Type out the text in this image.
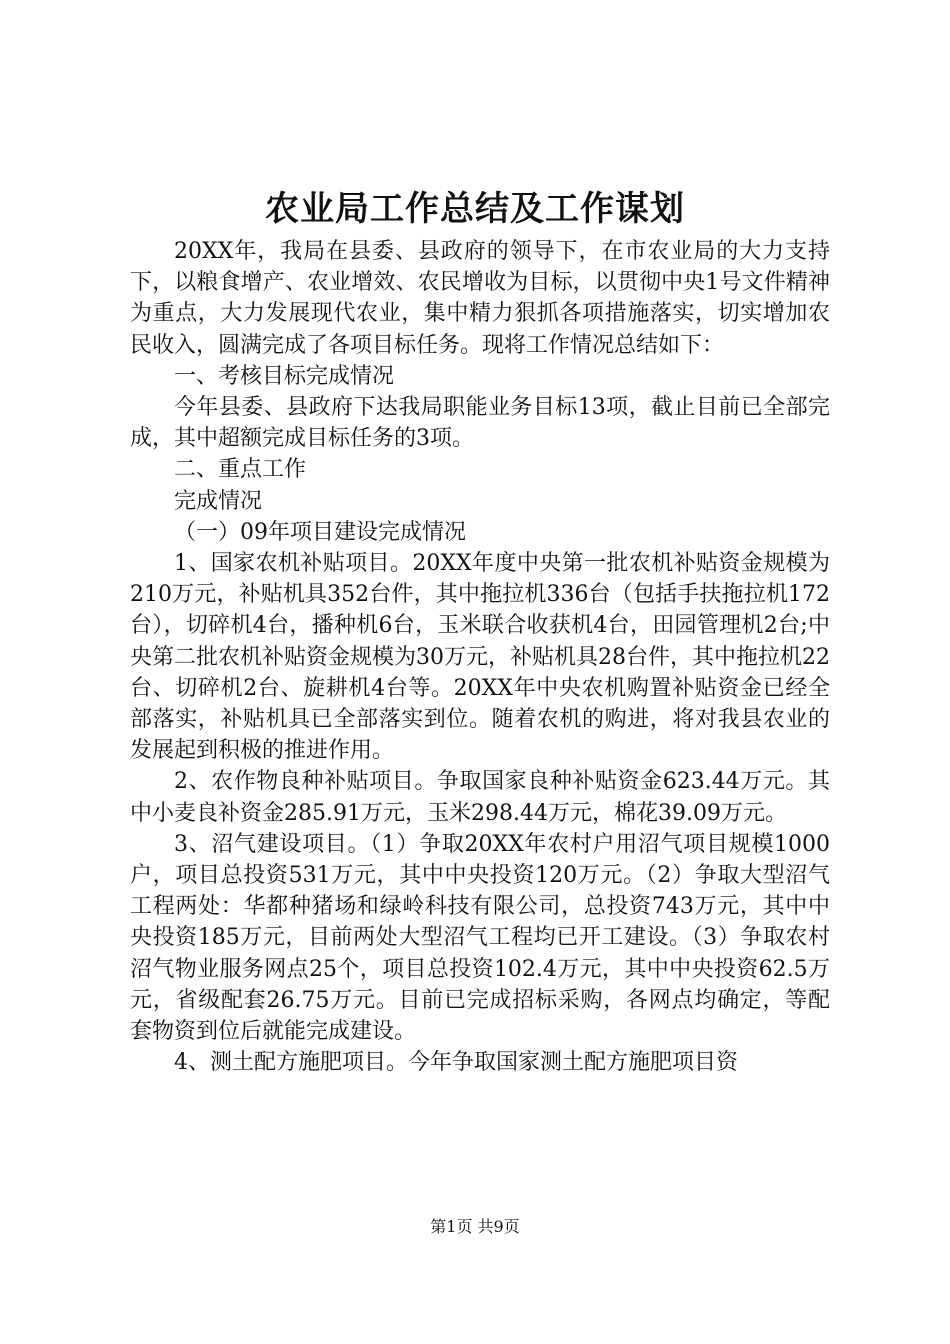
农业局工作总结及工作谋划

20XX年，我局在县委、县政府的领导下，在市农业局的大力支持下，以粮食增产、农业增效、农民增收为目标，以贯彻中央1号文件精神为重点，大力发展现代农业，集中精力狠抓各项措施落实，切实增加农民收入，圆满完成了各项目标任务。现将工作情况总结如下：

一、考核目标完成情况

今年县委、县政府下达我局职能业务目标13项，截止目前已全部完成，其中超额完成目标任务的3项。

二、重点工作

完成情况

（一）09年项目建设完成情况

1、国家农机补贴项目。20XX年度中央第一批农机补贴资金规模为210万元，补贴机具352台件，其中拖拉机336台（包括手扶拖拉机172台），切碎机4台，播种机6台，玉米联合收获机4台，田园管理机2台;中央第二批农机补贴资金规模为30万元，补贴机具28台件，其中拖拉机22台、切碎机2台、旋耕机4台等。20XX年中央农机购置补贴资金已经全部落实，补贴机具已全部落实到位。随着农机的购进，将对我县农业的发展起到积极的推进作用。

2、农作物良种补贴项目。争取国家良种补贴资金623.44万元。其中小麦良补资金285.91万元，玉米298.44万元，棉花39.09万元。

3、沼气建设项目。（1）争取20XX年农村户用沼气项目规模1000户，项目总投资531万元，其中中央投资120万元。（2）争取大型沼气工程两处：华都种猪场和绿岭科技有限公司，总投资743万元，其中中央投资185万元，目前两处大型沼气工程均已开工建设。（3）争取农村沼气物业服务网点25个，项目总投资102.4万元，其中中央投资62.5万元，省级配套26.75万元。目前已完成招标采购，各网点均确定，等配套物资到位后就能完成建设。

4、测土配方施肥项目。今年争取国家测土配方施肥项目资

第1页 共9页
